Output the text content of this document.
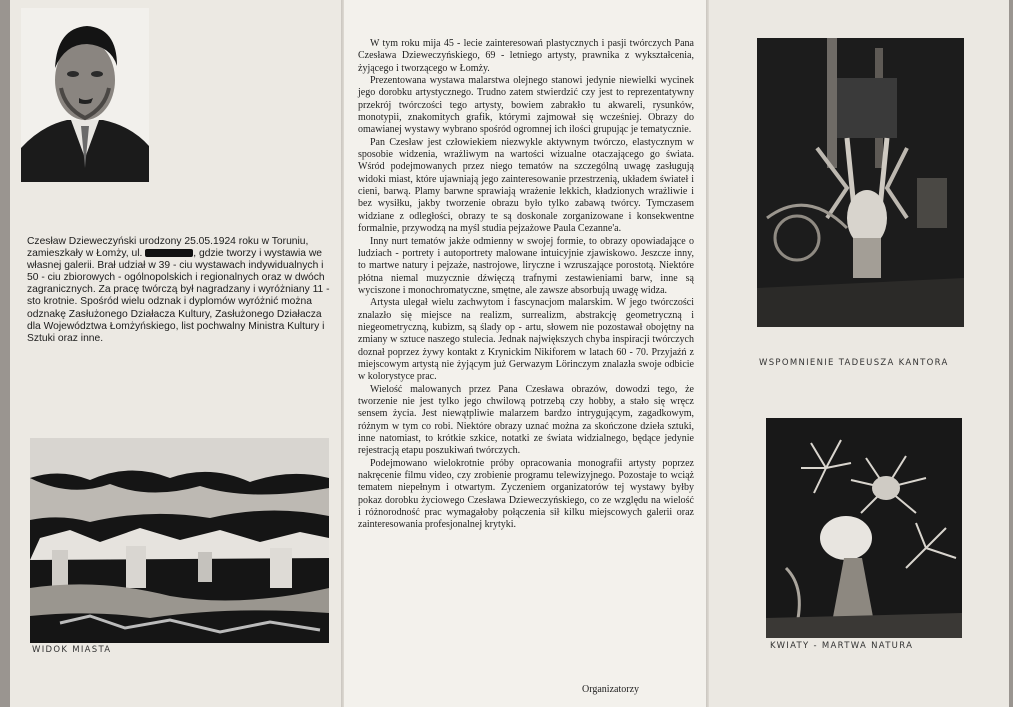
Czesław Dzieweczyński urodzony 25.05.1924 roku w Toruniu, zamieszkały w Łomży, ul.	, gdzie tworzy i wystawia we własnej galerii. Brał udział w 39 - ciu wystawach indywidualnych i 50 - ciu zbiorowych - ogólnopolskich i regionalnych oraz w dwóch zagranicznych. Za pracę twórczą był nagradzany i wyróżniany 11 - sto krotnie. Spośród wielu odznak i dyplomów wyróżnić można odznakę Zasłużonego Działacza Kultury, Zasłużonego Działacza dla Województwa Łomżyńskiego, list pochwalny Ministra Kultury i Sztuki oraz inne.

WIDOK MIASTA

W tym roku mija 45 - lecie zainteresowań plastycznych i pasji twórczych Pana Czesława Dzieweczyńskiego, 69 - letniego artysty, prawnika z wykształcenia, żyjącego i tworzącego w Łomży.

Prezentowana wystawa malarstwa olejnego stanowi jedynie niewielki wycinek jego dorobku artystycznego. Trudno zatem stwierdzić czy jest to reprezentatywny przekrój twórczości tego artysty, bowiem zabrakło tu akwareli, rysunków, monotypii, znakomitych grafik, którymi zajmował się wcześniej. Obrazy do omawianej wystawy wybrano spośród ogromnej ich ilości grupując je tematycznie.

Pan Czesław jest człowiekiem niezwykle aktywnym twórczo, elastycznym w sposobie widzenia, wrażliwym na wartości wizualne otaczającego go świata. Wśród podejmowanych przez niego tematów na szczególną uwagę zasługują widoki miast, które ujawniają jego zainteresowanie przestrzenią, układem świateł i cieni, barwą. Plamy barwne sprawiają wrażenie lekkich, kładzionych wrażliwie i bez wysiłku, jakby tworzenie obrazu było tylko zabawą twórcy. Tymczasem widziane z odległości, obrazy te są doskonale zorganizowane i konsekwentne formalnie, przywodzą na myśl studia pejzażowe Paula Cezanne'a.

Inny nurt tematów jakże odmienny w swojej formie, to obrazy opowiadające o ludziach - portrety i autoportrety malowane intuicyjnie zjawiskowo. Jeszcze inny, to martwe natury i pejzaże, nastrojowe, liryczne i wzruszające porostotą. Niektóre płótna niemal muzycznie dźwięczą trafnymi zestawieniami barw, inne są wyciszone i monochromatyczne, smętne, ale zawsze absorbują uwagę widza.

Artysta ulegał wielu zachwytom i fascynacjom malarskim. W jego twórczości znalazło się miejsce na realizm, surrealizm, abstrakcję geometryczną i niegeometryczną, kubizm, są ślady op - artu, słowem nie pozostawał obojętny na zmiany w sztuce naszego stulecia. Jednak największych chyba inspiracji twórczych doznał poprzez żywy kontakt z Krynickim Nikiforem w latach 60 - 70. Przyjaźń z miejscowym artystą nie żyjącym już Gerwazym Lörinczym znalazła swoje odbicie w kolorystyce prac.

Wielość malowanych przez Pana Czesława obrazów, dowodzi tego, że tworzenie nie jest tylko jego chwilową potrzebą czy hobby, a stało się wręcz sensem życia. Jest niewątpliwie malarzem bardzo intrygującym, zagadkowym, różnym w tym co robi. Niektóre obrazy uznać można za skończone dzieła sztuki, inne natomiast, to krótkie szkice, notatki ze świata widzialnego, będące jedynie rejestracją etapu poszukiwań twórczych.

Podejmowano wielokrotnie próby opracowania monografii artysty poprzez nakręcenie filmu video, czy zrobienie programu telewizyjnego. Pozostaje to wciąż tematem niepełnym i otwartym. Zyczeniem organizatorów tej wystawy byłby pokaz dorobku życiowego Czesława Dzieweczyńskiego, co ze względu na wielość i różnorodność prac wymagałoby połączenia sił kilku miejscowych galerii oraz zainteresowania profesjonalnej krytyki.

Organizatorzy
WSPOMNIENIE TADEUSZA KANTORA
KWIATY - MARTWA NATURA
